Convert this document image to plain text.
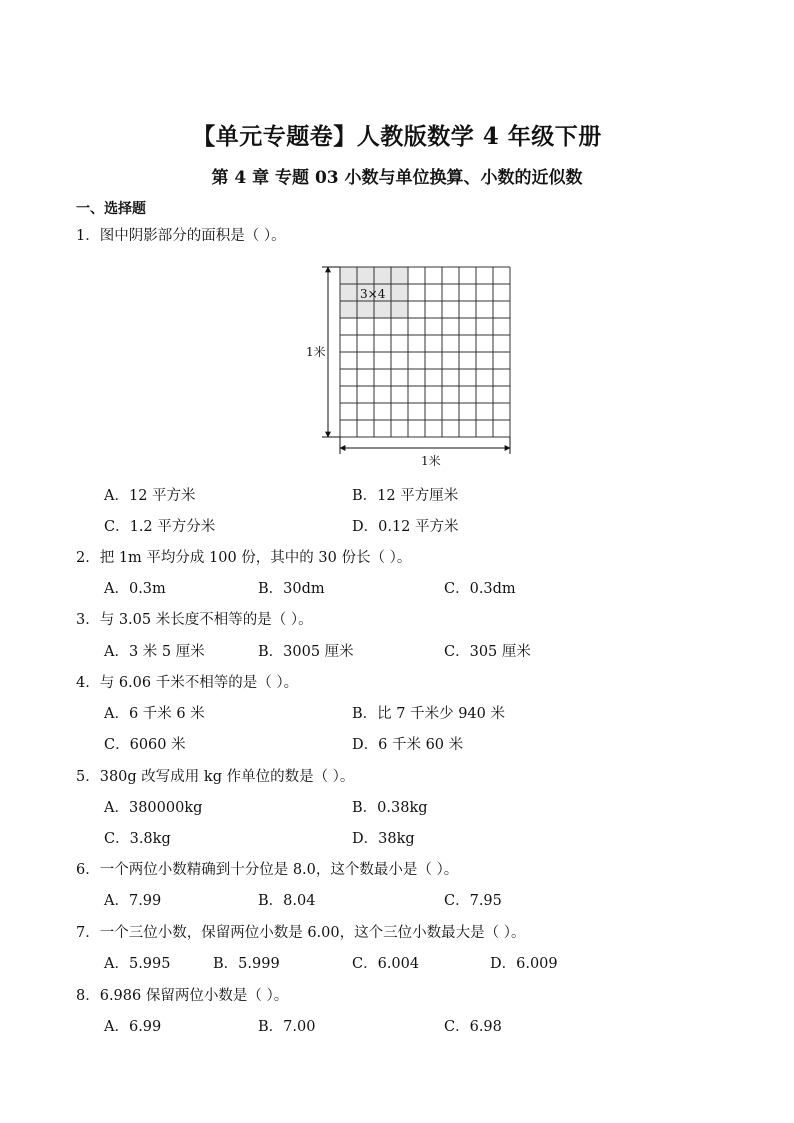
【单元专题卷】人教版数学 4 年级下册
第 4 章 专题 03 小数与单位换算、小数的近似数
一、选择题
1．图中阴影部分的面积是（ ）。
3×4
1米
1米
A．12 平方米	B．12 平方厘米
C．1.2 平方分米	D．0.12 平方米
2．把 1m 平均分成 100 份，其中的 30 份长（ ）。
A．0.3m	B．30dm	C．0.3dm
3．与 3.05 米长度不相等的是（ ）。
A．3 米 5 厘米	B．3005 厘米	C．305 厘米
4．与 6.06 千米不相等的是（ ）。
A．6 千米 6 米	B．比 7 千米少 940 米
C．6060 米	D．6 千米 60 米
5．380g 改写成用 kg 作单位的数是（ ）。
A．380000kg	B．0.38kg
C．3.8kg	D．38kg
6．一个两位小数精确到十分位是 8.0，这个数最小是（ ）。
A．7.99	B．8.04	C．7.95
7．一个三位小数，保留两位小数是 6.00，这个三位小数最大是（ ）。
A．5.995	B．5.999	C．6.004	D．6.009
8．6.986 保留两位小数是（ ）。
A．6.99	B．7.00	C．6.98
